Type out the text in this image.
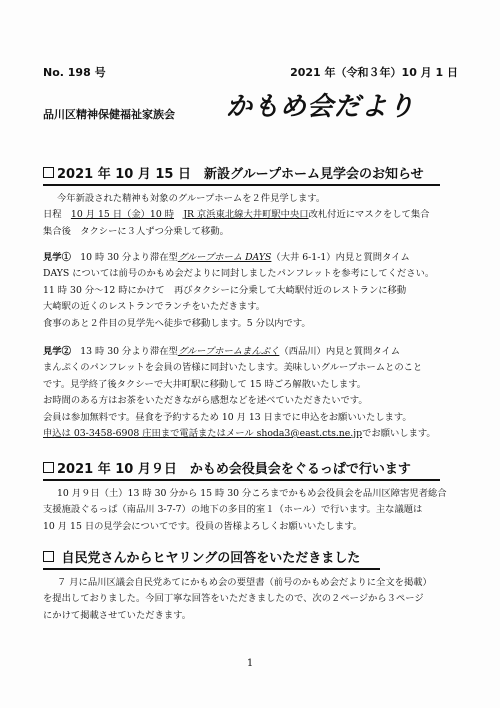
No. 198 号	2021 年（令和３年）10 月 1 日
品川区精神保健福祉家族会 かもめ会だより
2021 年 10 月 15 日　新設グループホーム見学会のお知らせ

今年新設された精神も対象のグループホームを２件見学します。

日程　10 月 15 日（金）10 時　 JR 京浜東北線大井町駅中央口改札付近にマスクをして集合

集合後　タクシーに３人ずつ分乗して移動。

見学①　10 時 30 分より滞在型グループホーム DAYS（大井 6-1-1）内見と質問タイム

DAYS については前号のかもめ会だよりに同封しましたパンフレットを参考にしてください。

11 時 30 分〜12 時にかけて　再びタクシーに分乗して大崎駅付近のレストランに移動

大崎駅の近くのレストランでランチをいただきます。

食事のあと２件目の見学先へ徒歩で移動します。5 分以内です。

見学②　13 時 30 分より滞在型グループホームまんぷく（西品川）内見と質問タイム

まんぷくのパンフレットを会員の皆様に同封いたします。美味しいグループホームとのこと

です。見学終了後タクシーで大井町駅に移動して 15 時ごろ解散いたします。

お時間のある方はお茶をいただきながら感想などを述べていただきたいです。

会員は参加無料です。昼食を予約するため 10 月 13 日までに申込をお願いいたします。

申込は 03-3458-6908 庄田まで電話またはメール shoda3@east.cts.ne.jpでお願いします。

2021 年 10 月９日　かもめ会役員会をぐるっぱで行います

10 月９日（土）13 時 30 分から 15 時 30 分ころまでかもめ会役員会を品川区障害児者総合

支援施設ぐるっぱ（南品川 3-7-7）の地下の多目的室１（ホール）で行います。主な議題は

10 月 15 日の見学会についてです。役員の皆様よろしくお願いいたします。

自民党さんからヒヤリングの回答をいただきました

７ 月に品川区議会自民党あてにかもめ会の要望書（前号のかもめ会だよりに全文を掲載）

を提出しておりました。今回丁寧な回答をいただきましたので、次の２ページから３ページ

にかけて掲載させていただきます。

1
